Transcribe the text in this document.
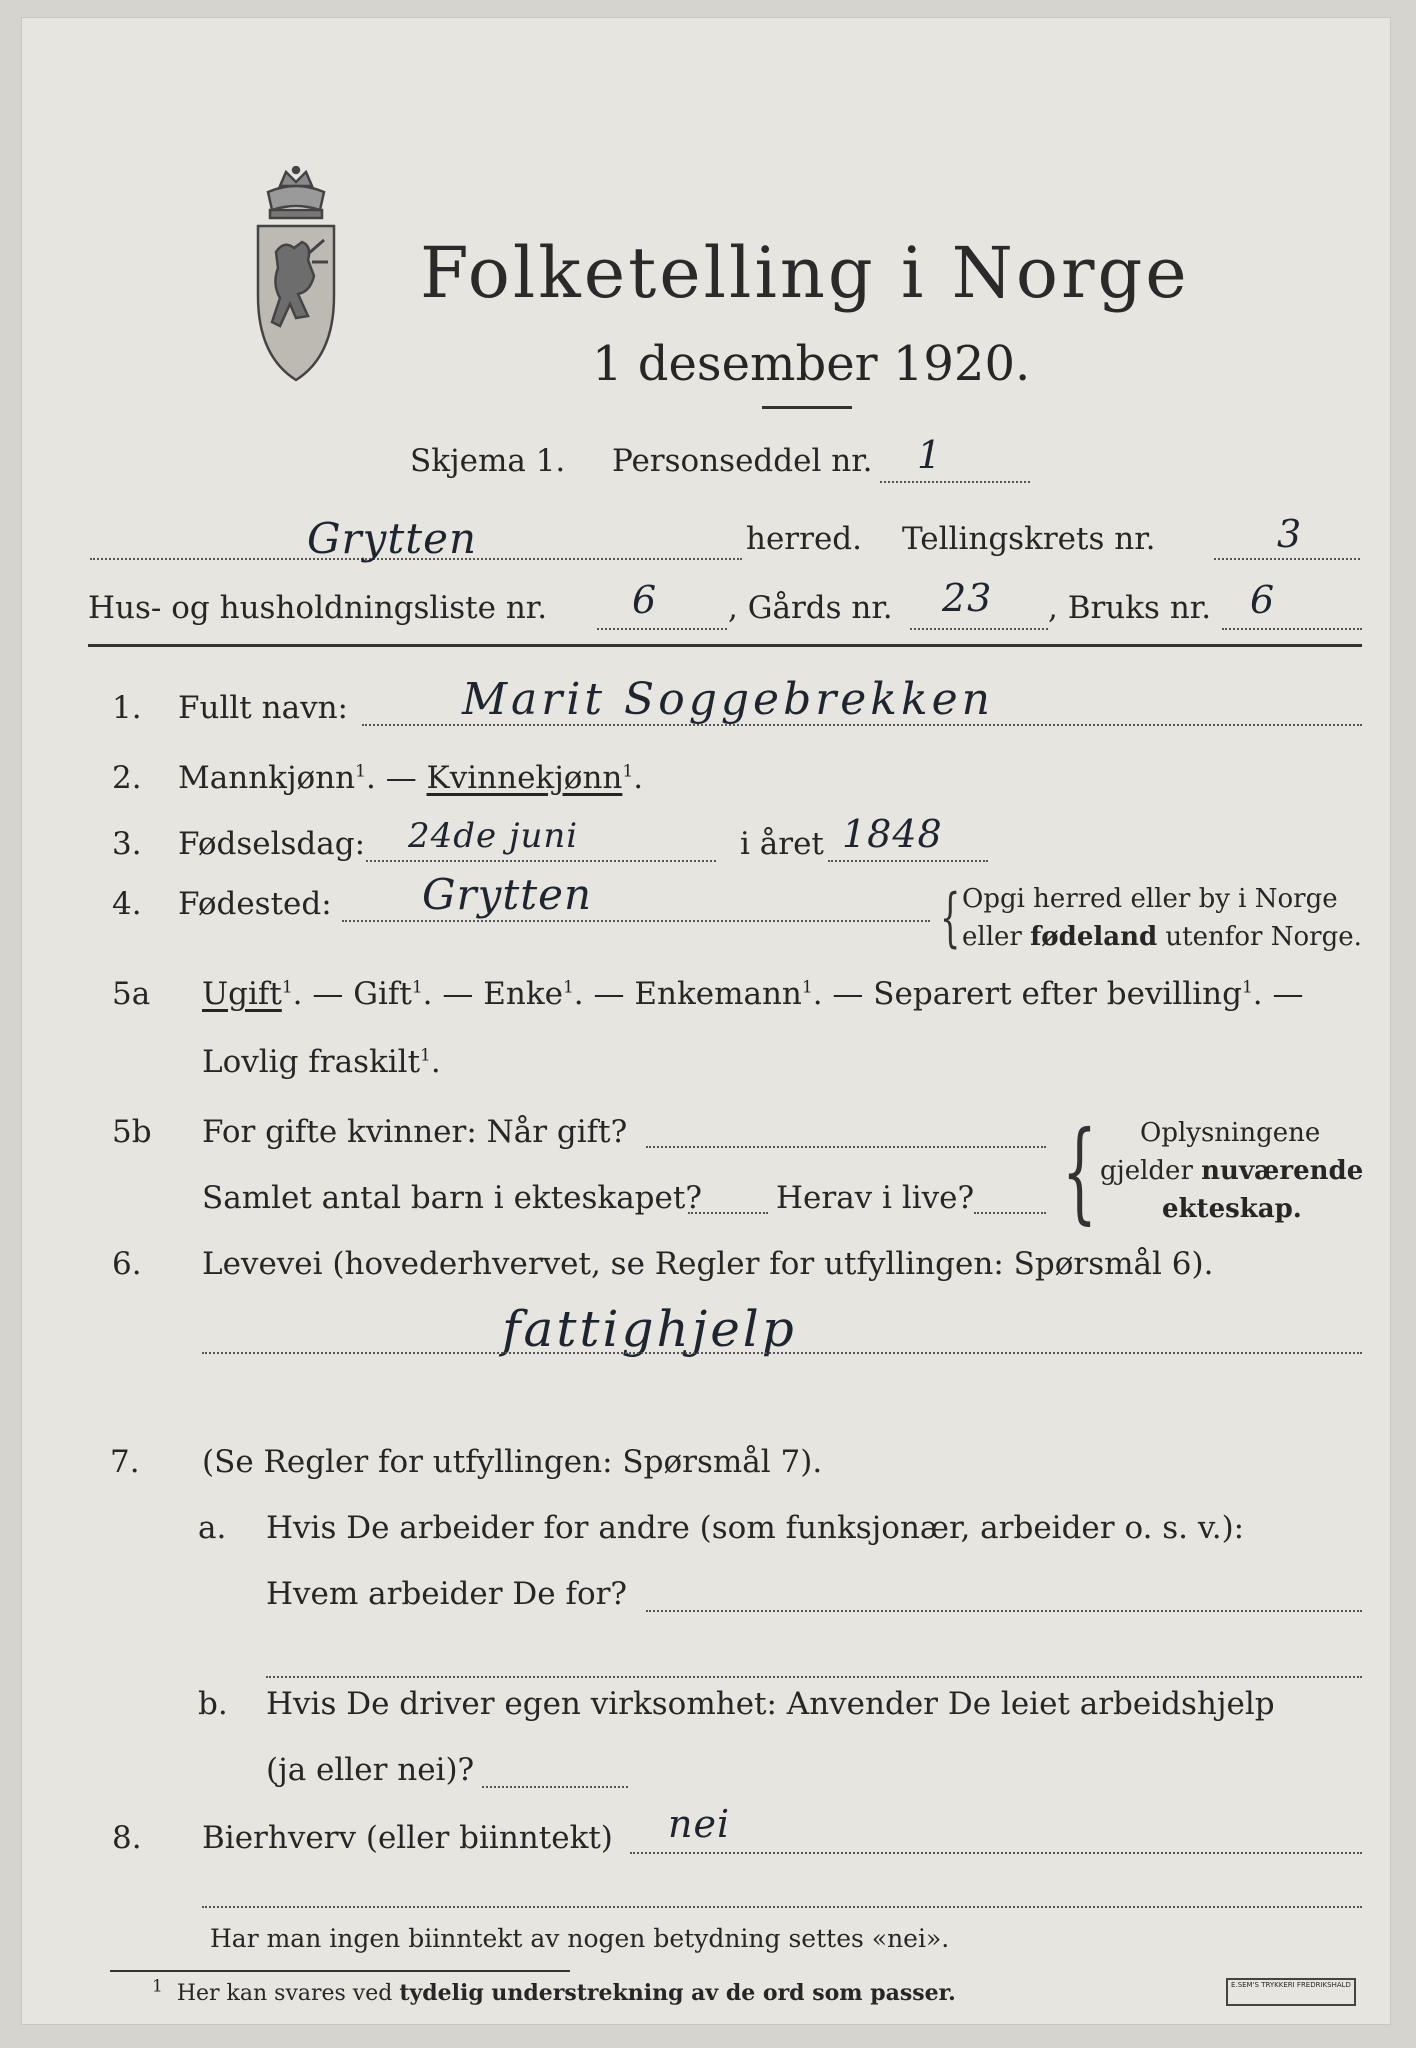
Folketelling i Norge
1 desember 1920.
Skjema 1. Personseddel nr. 1
Grytten	herred. Tellingskrets nr.	3
Hus- og husholdningsliste nr. 6 , Gårds nr. 23 , Bruks nr. 6
1. Fullt navn:	Marit Soggebrekken
2. Mannkjønn$^1$. — Kvinnekjønn$^1$.
3. Fødselsdag: 24de juni	i året 1848
4. Fødested: Grytten	{ Opgi herred eller by i Norge
eller fødeland utenfor Norge.
5a Ugift$^1$. — Gift$^1$. — Enke$^1$. — Enkemann$^1$. — Separert efter bevilling$^1$. —
Lovlig fraskilt$^1$.
5b For gifte kvinner: Når gift?
Samlet antal barn i ekteskapet? Herav i live? { Oplysningene
gjelder nuværende
ekteskap.
6. Levevei (hovederhvervet, se Regler for utfyllingen: Spørsmål 6).
fattighjelp
7. (Se Regler for utfyllingen: Spørsmål 7).
a. Hvis De arbeider for andre (som funksjonær, arbeider o. s. v.):
Hvem arbeider De for?
b. Hvis De driver egen virksomhet: Anvender De leiet arbeidshjelp
(ja eller nei)?
8. Bierhverv (eller biinntekt) nei
Har man ingen biinntekt av nogen betydning settes «nei».
$^1$ Her kan svares ved tydelig understrekning av de ord som passer.	E.SEM'S TRYKKERI FREDRIKSHALD
